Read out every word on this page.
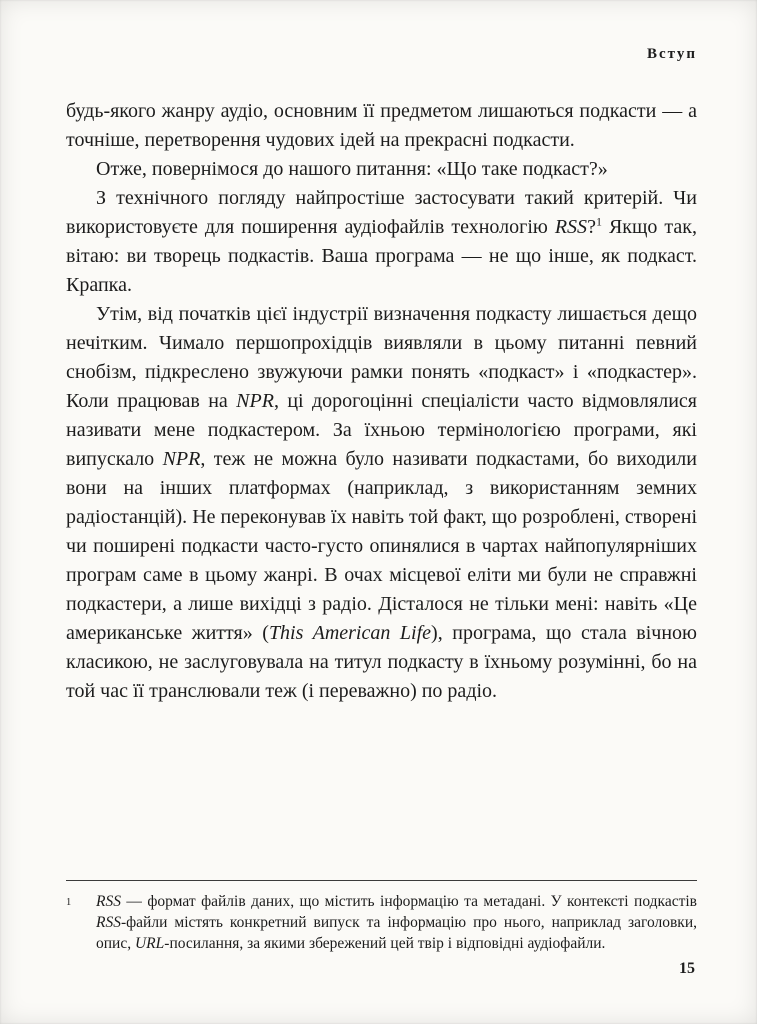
Вступ

будь-якого жанру аудіо, основним її предметом лишаються подкасти — а точніше, перетворення чудових ідей на прекрасні подкасти.

Отже, повернімося до нашого питання: «Що таке подкаст?»

З технічного погляду найпростіше застосувати такий критерій. Чи використовуєте для поширення аудіофайлів технологію RSS?$^1$ Якщо так, вітаю: ви творець подкастів. Ваша програма — не що інше, як подкаст. Крапка.

Утім, від початків цієї індустрії визначення подкасту лишається дещо нечітким. Чимало першопрохідців виявляли в цьому питанні певний снобізм, підкреслено звужуючи рамки понять «подкаст» і «подкастер». Коли працював на NPR, ці дорогоцінні спеціалісти часто відмовлялися називати мене подкастером. За їхньою термінологією програми, які випускало NPR, теж не можна було називати подкастами, бо виходили вони на інших платформах (наприклад, з використанням земних радіостанцій). Не переконував їх навіть той факт, що розроблені, створені чи поширені подкасти часто-густо опинялися в чартах найпопулярніших програм саме в цьому жанрі. В очах місцевої еліти ми були не справжні подкастери, а лише вихідці з радіо. Дісталося не тільки мені: навіть «Це американське життя» (This American Life), програма, що стала вічною класикою, не заслуговувала на титул подкасту в їхньому розумінні, бо на той час її транслювали теж (і переважно) по радіо.

1	RSS — формат файлів даних, що містить інформацію та метадані. У контексті подкастів RSS-файли містять конкретний випуск та інформацію про нього, наприклад заголовки, опис, URL-посилання, за якими збережений цей твір і відповідні аудіофайли.
15
